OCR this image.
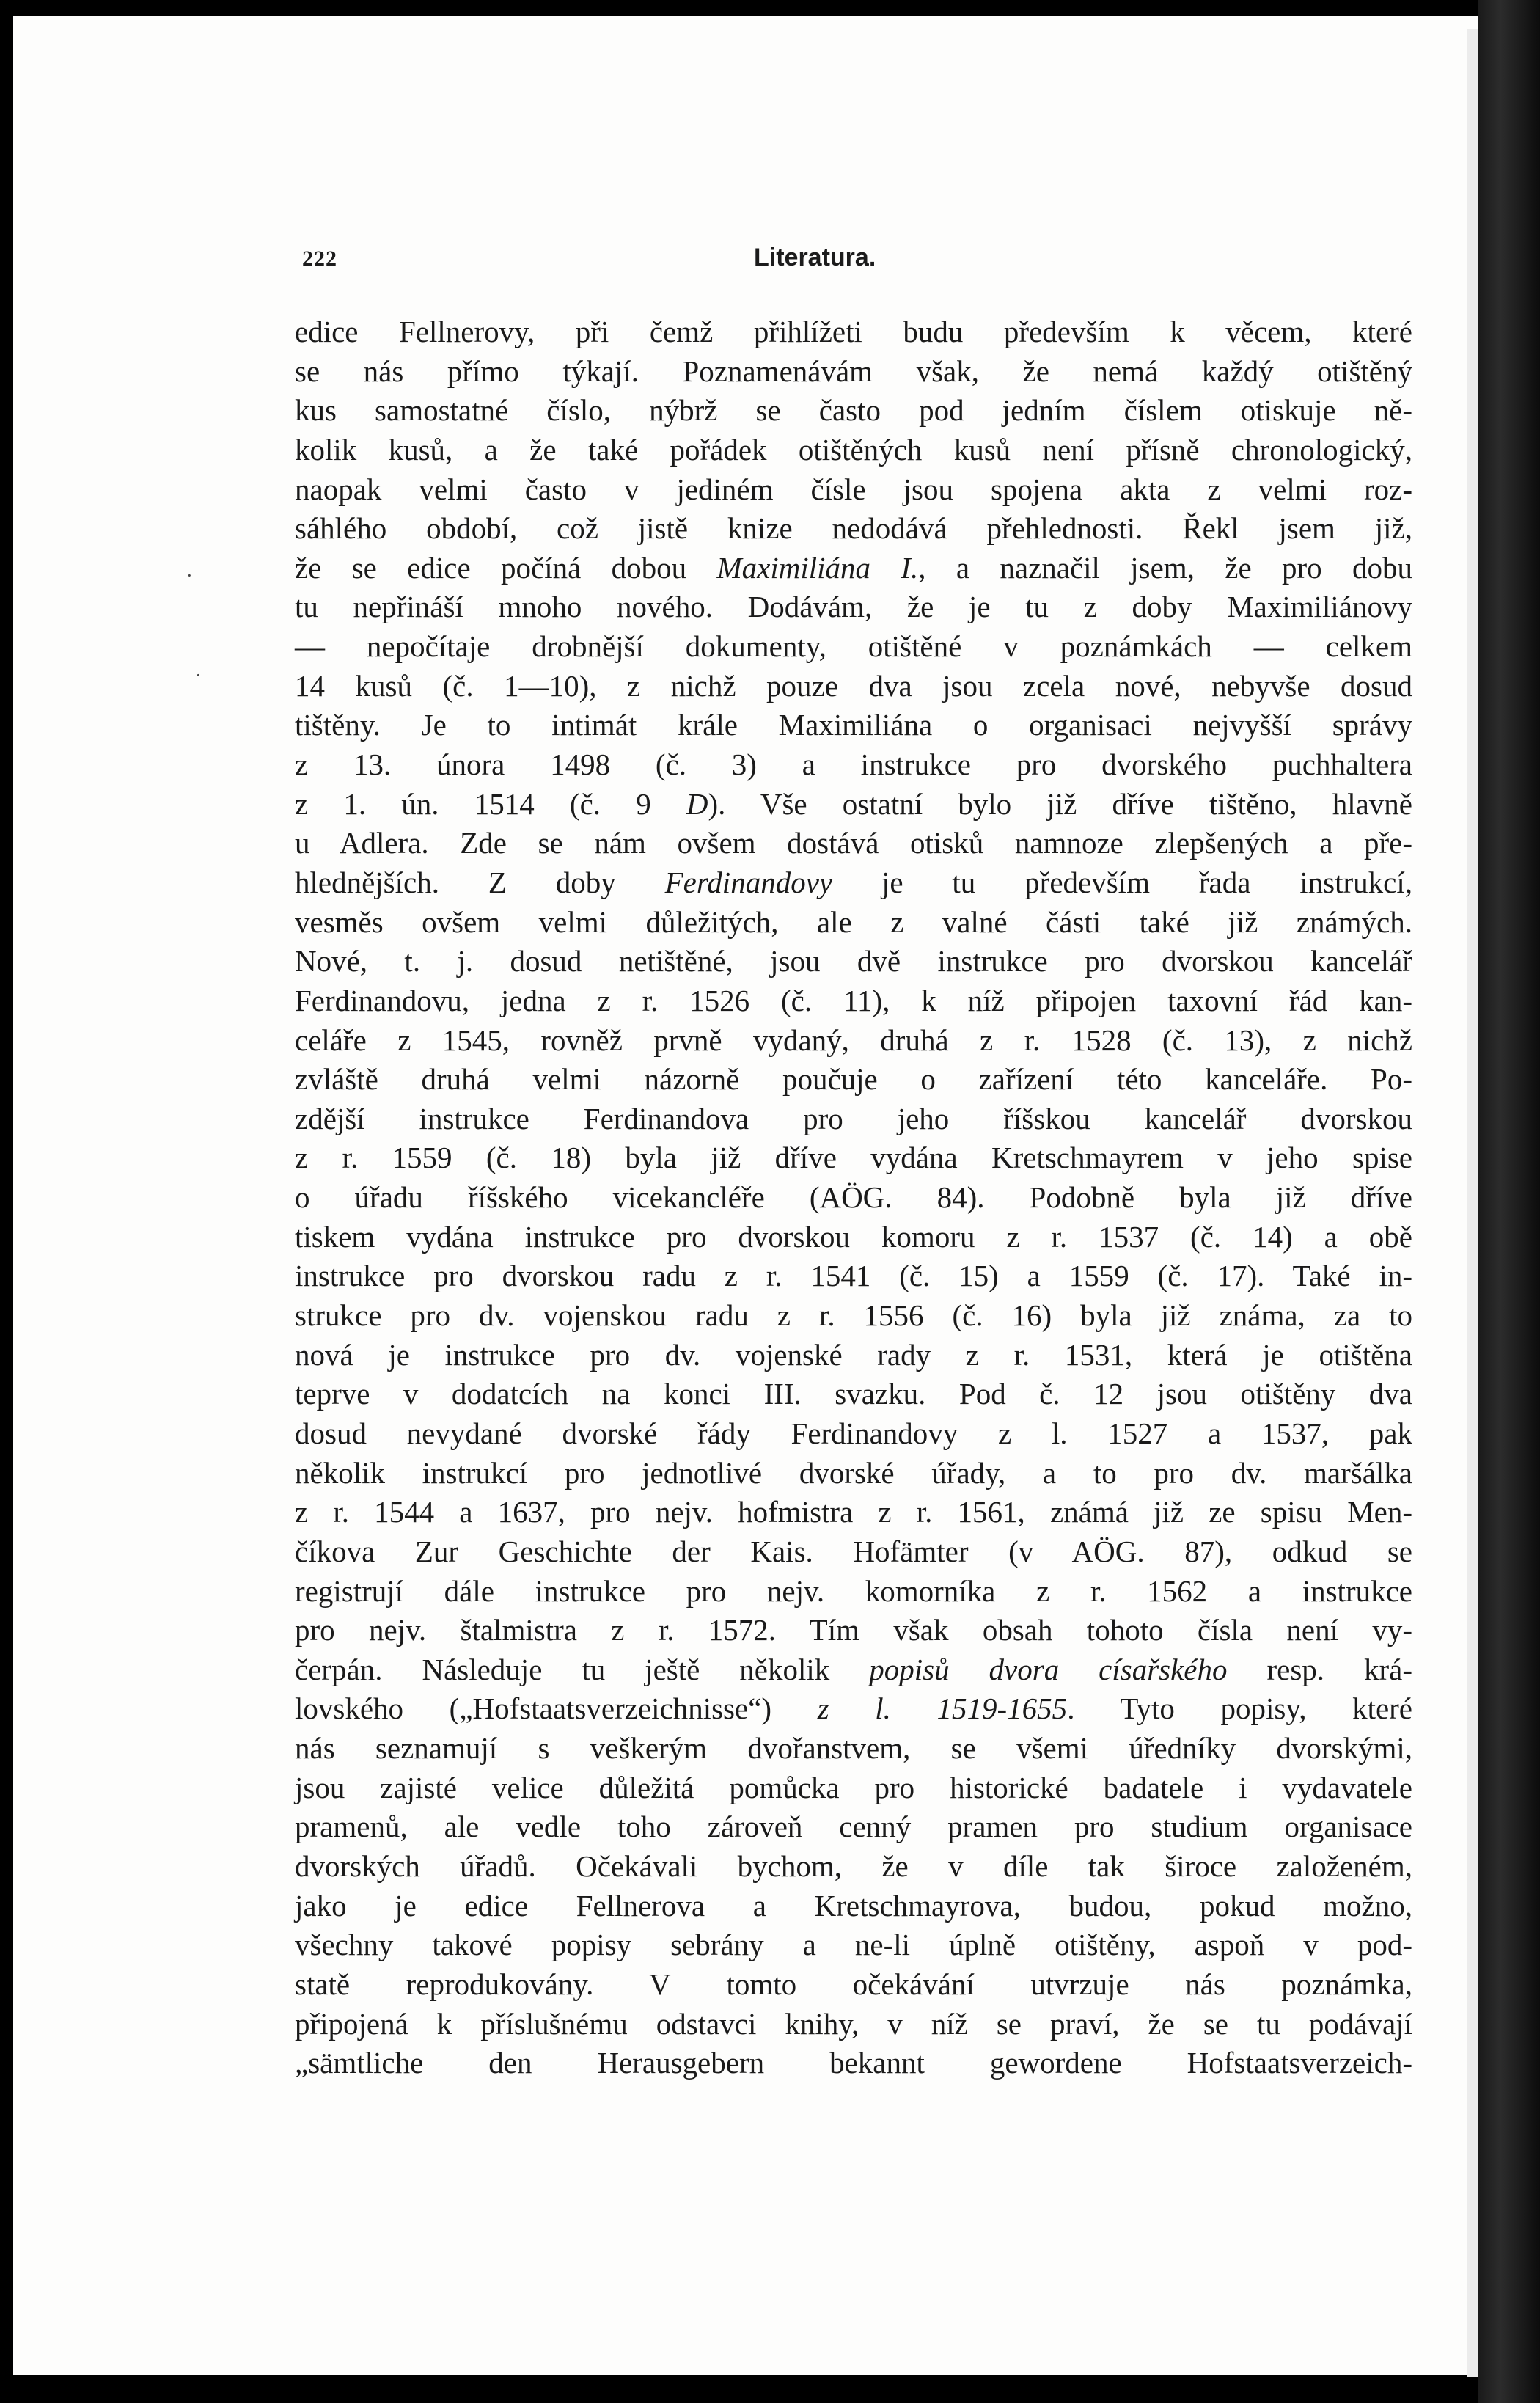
222	Literatura.
·
·
edice Fellnerovy, při čemž přihlížeti budu především k věcem, které
se nás přímo týkají. Poznamenávám však, že nemá každý otištěný
kus samostatné číslo, nýbrž se často pod jedním číslem otiskuje ně-
kolik kusů, a že také pořádek otištěných kusů není přísně chronologický,
naopak velmi často v jediném čísle jsou spojena akta z velmi roz-
sáhlého období, což jistě knize nedodává přehlednosti. Řekl jsem již,
že se edice počíná dobou Maximiliána I., a naznačil jsem, že pro dobu
tu nepřináší mnoho nového. Dodávám, že je tu z doby Maximiliánovy
— nepočítaje drobnější dokumenty, otištěné v poznámkách — celkem
14 kusů (č. 1—10), z nichž pouze dva jsou zcela nové, nebyvše dosud
tištěny. Je to intimát krále Maximiliána o organisaci nejvyšší správy
z 13. února 1498 (č. 3) a instrukce pro dvorského puchhaltera
z 1. ún. 1514 (č. 9 D). Vše ostatní bylo již dříve tištěno, hlavně
u Adlera. Zde se nám ovšem dostává otisků namnoze zlepšených a pře-
hlednějších. Z doby Ferdinandovy je tu především řada instrukcí,
vesměs ovšem velmi důležitých, ale z valné části také již známých.
Nové, t. j. dosud netištěné, jsou dvě instrukce pro dvorskou kancelář
Ferdinandovu, jedna z r. 1526 (č. 11), k níž připojen taxovní řád kan-
celáře z 1545, rovněž prvně vydaný, druhá z r. 1528 (č. 13), z nichž
zvláště druhá velmi názorně poučuje o zařízení této kanceláře. Po-
zdější instrukce Ferdinandova pro jeho říšskou kancelář dvorskou
z r. 1559 (č. 18) byla již dříve vydána Kretschmayrem v jeho spise
o úřadu říšského vicekancléře (AÖG. 84). Podobně byla již dříve
tiskem vydána instrukce pro dvorskou komoru z r. 1537 (č. 14) a obě
instrukce pro dvorskou radu z r. 1541 (č. 15) a 1559 (č. 17). Také in-
strukce pro dv. vojenskou radu z r. 1556 (č. 16) byla již známa, za to
nová je instrukce pro dv. vojenské rady z r. 1531, která je otištěna
teprve v dodatcích na konci III. svazku. Pod č. 12 jsou otištěny dva
dosud nevydané dvorské řády Ferdinandovy z l. 1527 a 1537, pak
několik instrukcí pro jednotlivé dvorské úřady, a to pro dv. maršálka
z r. 1544 a 1637, pro nejv. hofmistra z r. 1561, známá již ze spisu Men-
číkova Zur Geschichte der Kais. Hofämter (v AÖG. 87), odkud se
registrují dále instrukce pro nejv. komorníka z r. 1562 a instrukce
pro nejv. štalmistra z r. 1572. Tím však obsah tohoto čísla není vy-
čerpán. Následuje tu ještě několik popisů dvora císařského resp. krá-
lovského („Hofstaatsverzeichnisse“) z l. 1519-1655. Tyto popisy, které
nás seznamují s veškerým dvořanstvem, se všemi úředníky dvorskými,
jsou zajisté velice důležitá pomůcka pro historické badatele i vydavatele
pramenů, ale vedle toho zároveň cenný pramen pro studium organisace
dvorských úřadů. Očekávali bychom, že v díle tak široce založeném,
jako je edice Fellnerova a Kretschmayrova, budou, pokud možno,
všechny takové popisy sebrány a ne-li úplně otištěny, aspoň v pod-
statě reprodukovány. V tomto očekávání utvrzuje nás poznámka,
připojená k příslušnému odstavci knihy, v níž se praví, že se tu podávají
„sämtliche den Herausgebern bekannt gewordene Hofstaatsverzeich-
